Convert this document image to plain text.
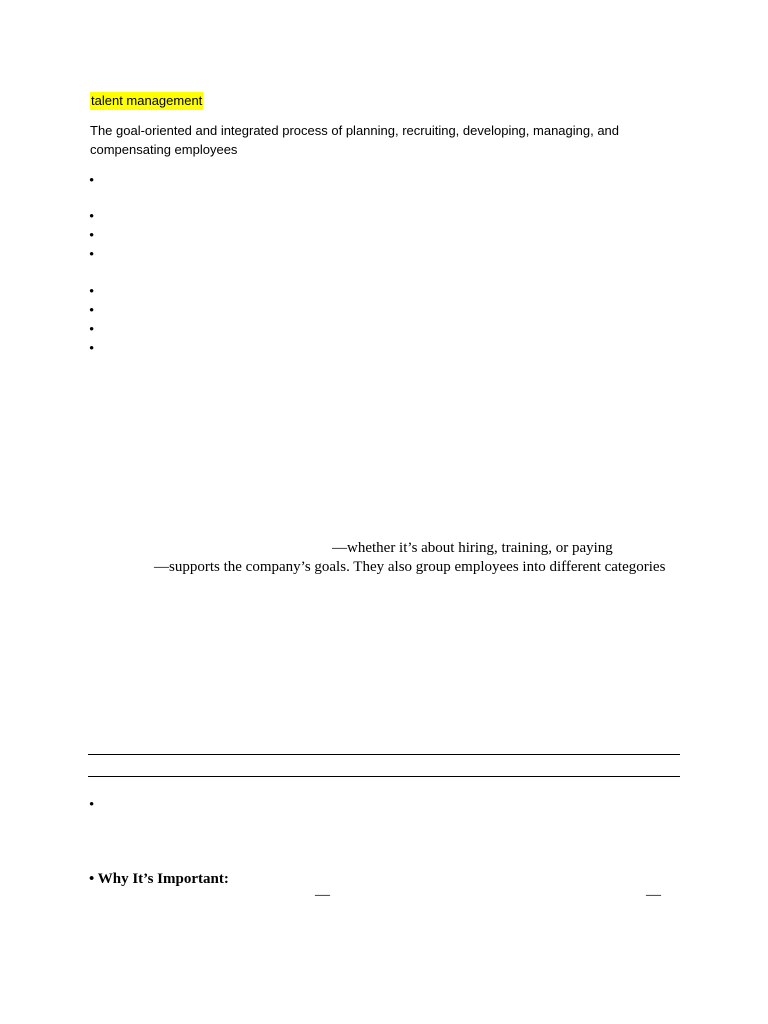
talent management
The goal-oriented and integrated process of planning, recruiting, developing, managing, and compensating employees
•
•
•
•
•
•
•
•
—whether it’s about hiring, training, or paying
—supports the company’s goals. They also group employees into different categories
•
• Why It’s Important:
—	—
